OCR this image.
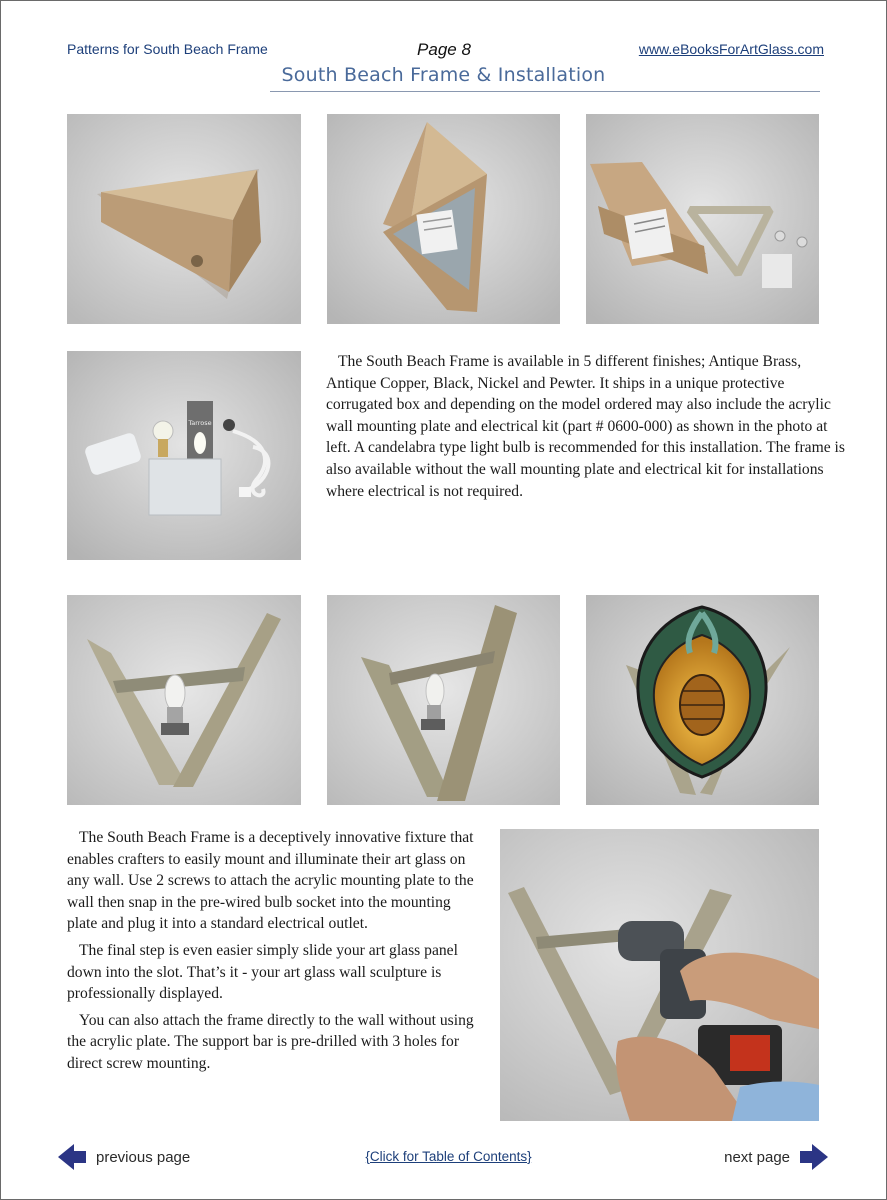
Patterns for South Beach Frame	Page 8	www.eBooksForArtGlass.com
South Beach Frame & Installation
Tarrose

The South Beach Frame is available in 5 different finishes; Antique Brass, Antique Copper, Black, Nickel and Pewter. It ships in a unique protective corrugated box and depending on the model ordered may also include the acrylic wall mounting plate and electrical kit (part # 0600-000) as shown in the photo at left. A candelabra type light bulb is recommended for this installation. The frame is also available without the wall mounting plate and electrical kit for installations where electrical is not required.

The South Beach Frame is a deceptively innovative fixture that enables crafters to easily mount and illuminate their art glass on any wall. Use 2 screws to attach the acrylic mounting plate to the wall then snap in the pre-wired bulb socket into the mounting plate and plug it into a standard electrical outlet.

The final step is even easier simply slide your art glass panel down into the slot. That’s it - your art glass wall sculpture is professionally displayed.

You can also attach the frame directly to the wall without using the acrylic plate. The support bar is pre-drilled with 3 holes for direct screw mounting.

previous page	{Click for Table of Contents}	next page
